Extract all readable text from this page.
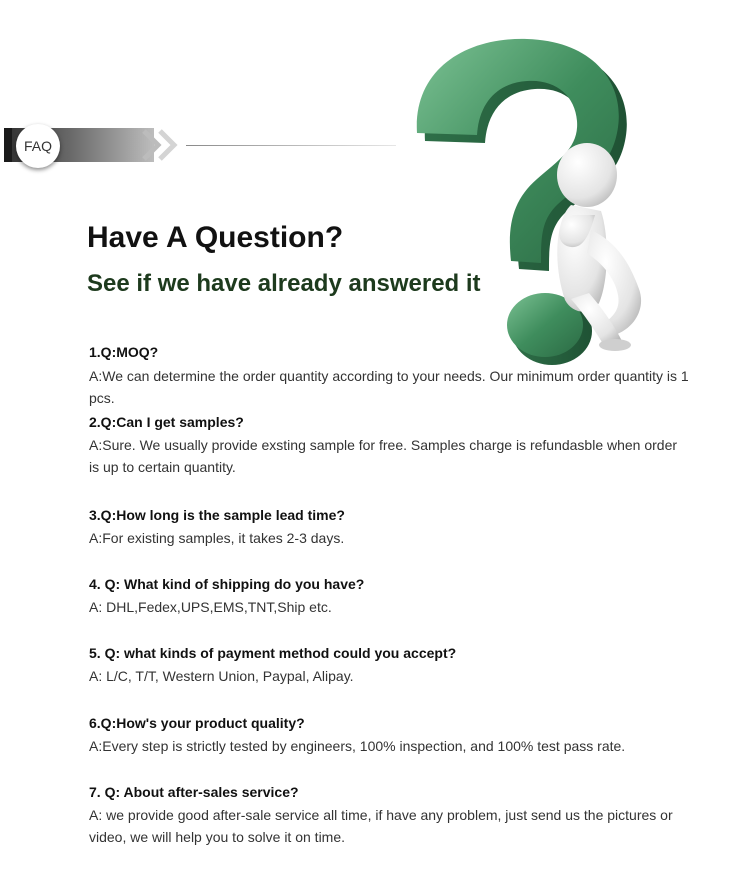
FAQ
Have A Question?
See if we have already answered it

1.Q:MOQ?

A:We can determine the order quantity according to your needs. Our minimum order quantity is 1 pcs.

2.Q:Can I get samples?

A:Sure. We usually provide exsting sample for free. Samples charge is refundasble when order is up to certain quantity.

3.Q:How long is the sample lead time?

A:For existing samples, it takes 2-3 days.

4. Q: What kind of shipping do you have?

A: DHL,Fedex,UPS,EMS,TNT,Ship etc.

5. Q: what kinds of payment method could you accept?

A: L/C, T/T, Western Union, Paypal, Alipay.

6.Q:How's your product quality?

A:Every step is strictly tested by engineers, 100% inspection, and 100% test pass rate.

7. Q: About after-sales service?

A: we provide good after-sale service all time, if have any problem, just send us the pictures or video, we will help you to solve it on time.
